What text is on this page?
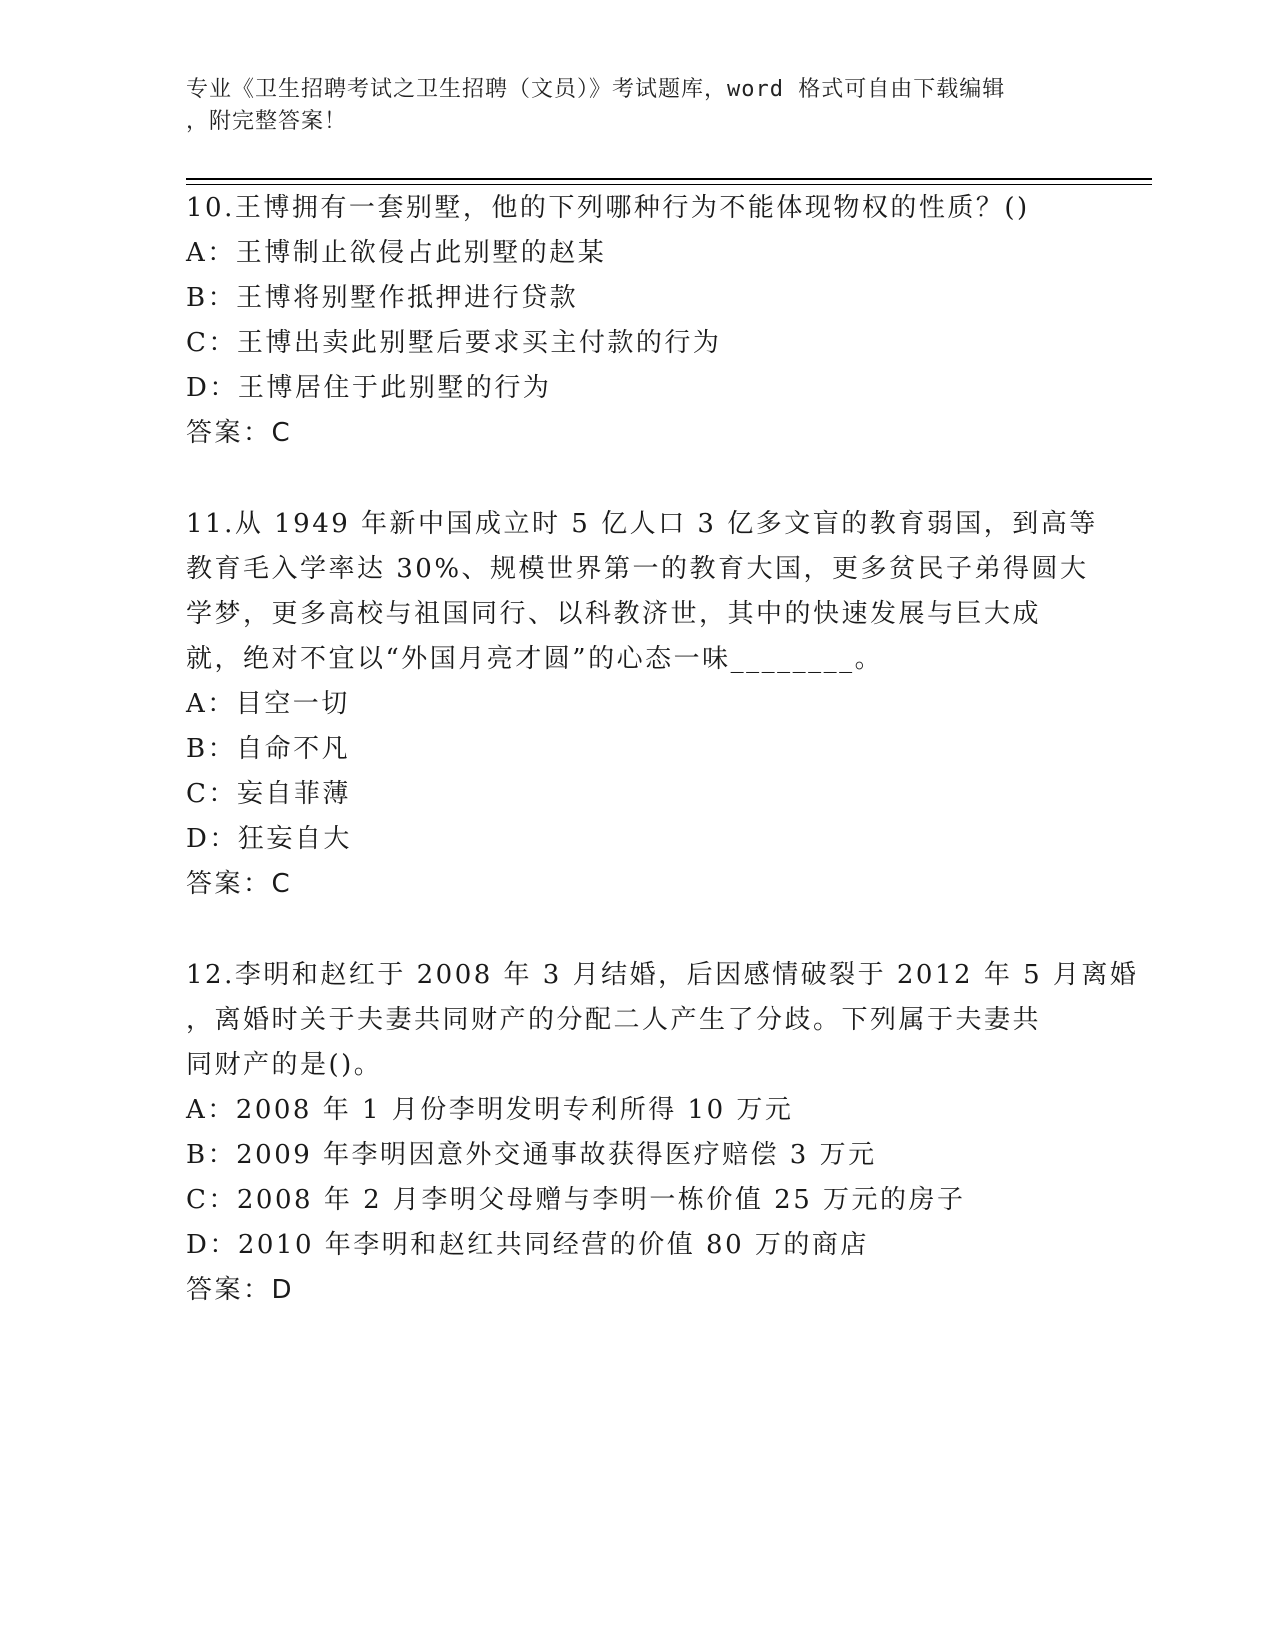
专业《卫生招聘考试之卫生招聘（文员）》考试题库，word 格式可自由下载编辑
，附完整答案！
10.王博拥有一套别墅，他的下列哪种行为不能体现物权的性质？()
A：王博制止欲侵占此别墅的赵某
B：王博将别墅作抵押进行贷款
C：王博出卖此别墅后要求买主付款的行为
D：王博居住于此别墅的行为
答案：C
11.从 1949 年新中国成立时 5 亿人口 3 亿多文盲的教育弱国，到高等
教育毛入学率达 30%、规模世界第一的教育大国，更多贫民子弟得圆大
学梦，更多高校与祖国同行、以科教济世，其中的快速发展与巨大成
就，绝对不宜以“外国月亮才圆”的心态一味________。
A：目空一切
B：自命不凡
C：妄自菲薄
D：狂妄自大
答案：C
12.李明和赵红于 2008 年 3 月结婚，后因感情破裂于 2012 年 5 月离婚
，离婚时关于夫妻共同财产的分配二人产生了分歧。下列属于夫妻共
同财产的是()。
A：2008 年 1 月份李明发明专利所得 10 万元
B：2009 年李明因意外交通事故获得医疗赔偿 3 万元
C：2008 年 2 月李明父母赠与李明一栋价值 25 万元的房子
D：2010 年李明和赵红共同经营的价值 80 万的商店
答案：D
